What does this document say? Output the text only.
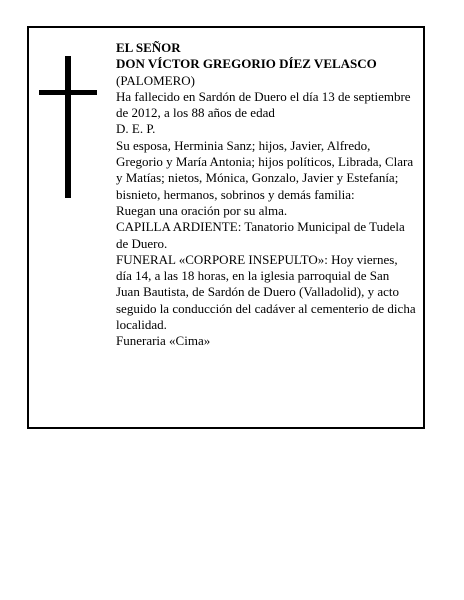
EL SEÑOR

DON VÍCTOR GREGORIO DÍEZ VELASCO

(PALOMERO)

Ha fallecido en Sardón de Duero el día 13 de septiembre de 2012, a los 88 años de edad

D. E. P.

Su esposa, Herminia Sanz; hijos, Javier, Alfredo, Gregorio y María Antonia; hijos políticos, Librada, Clara y Matías; nietos, Mónica, Gonzalo, Javier y Estefanía; bisnieto, hermanos, sobrinos y demás familia:

Ruegan una oración por su alma.

CAPILLA ARDIENTE: Tanatorio Municipal de Tudela de Duero.

FUNERAL «CORPORE INSEPULTO»: Hoy viernes, día 14, a las 18 horas, en la iglesia parroquial de San Juan Bautista, de Sardón de Duero (Valladolid), y acto seguido la conducción del cadáver al cementerio de dicha localidad.

Funeraria «Cima»
